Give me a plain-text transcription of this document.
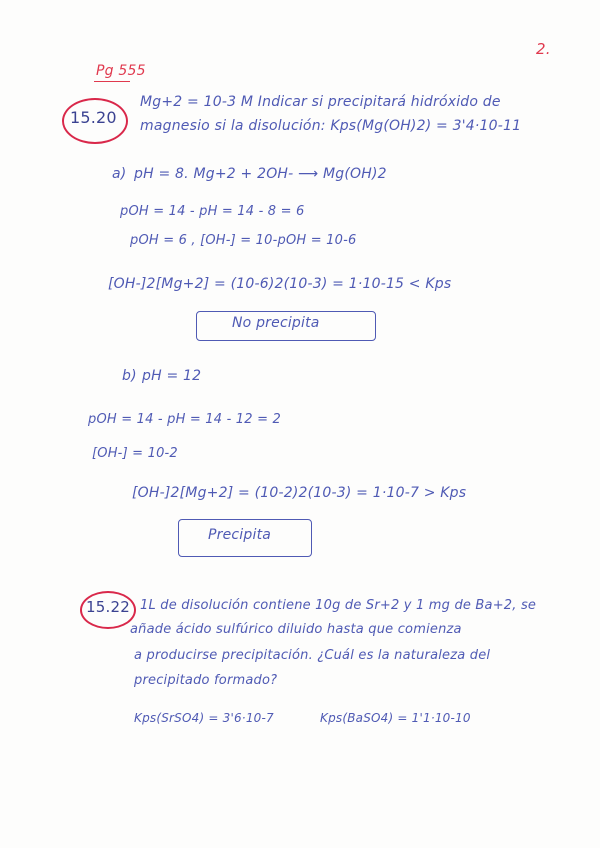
2.
Pg 555
15.20
Mg+2 = 10-3 M Indicar si precipitará hidróxido de
magnesio si la disolución: Kps(Mg(OH)2) = 3'4·10-11
a) pH = 8. Mg+2 + 2OH- ⟶ Mg(OH)2
pOH = 14 - pH = 14 - 8 = 6
pOH = 6 , [OH-] = 10-pOH = 10-6
[OH-]2[Mg+2] = (10-6)2(10-3) = 1·10-15 < Kps
No precipita
b) pH = 12
pOH = 14 - pH = 14 - 12 = 2
[OH-] = 10-2
[OH-]2[Mg+2] = (10-2)2(10-3) = 1·10-7 > Kps
Precipita
15.22 1L de disolución contiene 10g de Sr+2 y 1 mg de Ba+2, se
añade ácido sulfúrico diluido hasta que comienza
a producirse precipitación. ¿Cuál es la naturaleza del
precipitado formado?
Kps(SrSO4) = 3'6·10-7	Kps(BaSO4) = 1'1·10-10
